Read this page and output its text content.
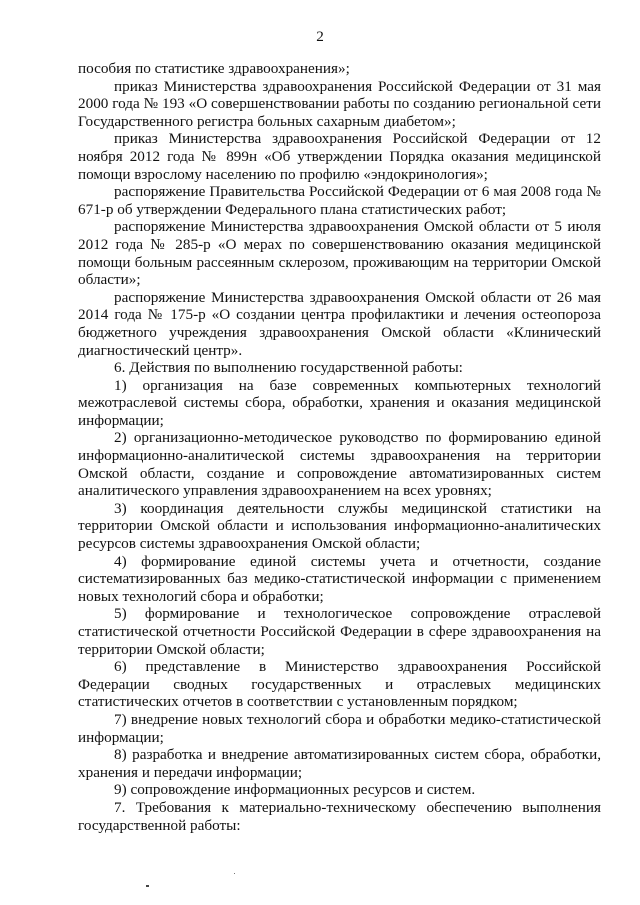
2

пособия по статистике здравоохранения»;

приказ Министерства здравоохранения Российской Федерации от 31 мая 2000 года № 193 «О совершенствовании работы по созданию региональной сети Государственного регистра больных сахарным диабетом»;

приказ Министерства здравоохранения Российской Федерации от 12 ноября 2012 года № 899н «Об утверждении Порядка оказания медицинской помощи взрослому населению по профилю «эндокринология»;

распоряжение Правительства Российской Федерации от 6 мая 2008 года № 671-р об утверждении Федерального плана статистических работ;

распоряжение Министерства здравоохранения Омской области от 5 июля 2012 года № 285-р «О мерах по совершенствованию оказания медицинской помощи больным рассеянным склерозом, проживающим на территории Омской области»;

распоряжение Министерства здравоохранения Омской области от 26 мая 2014 года № 175-р «О создании центра профилактики и лечения остеопороза бюджетного учреждения здравоохранения Омской области «Клинический диагностический центр».

6. Действия по выполнению государственной работы:

1) организация на базе современных компьютерных технологий межотраслевой системы сбора, обработки, хранения и оказания медицинской информации;

2) организационно-методическое руководство по формированию единой информационно-аналитической системы здравоохранения на территории Омской области, создание и сопровождение автоматизированных систем аналитического управления здравоохранением на всех уровнях;

3) координация деятельности службы медицинской статистики на территории Омской области и использования информационно-аналитических ресурсов системы здравоохранения Омской области;

4) формирование единой системы учета и отчетности, создание систематизированных баз медико-статистической информации с применением новых технологий сбора и обработки;

5) формирование и технологическое сопровождение отраслевой статистической отчетности Российской Федерации в сфере здравоохранения на территории Омской области;

6) представление в Министерство здравоохранения Российской Федерации сводных государственных и отраслевых медицинских статистических отчетов в соответствии с установленным порядком;

7) внедрение новых технологий сбора и обработки медико-статистической информации;

8) разработка и внедрение автоматизированных систем сбора, обработки, хранения и передачи информации;

9) сопровождение информационных ресурсов и систем.

7. Требования к материально-техническому обеспечению выполнения государственной работы:
